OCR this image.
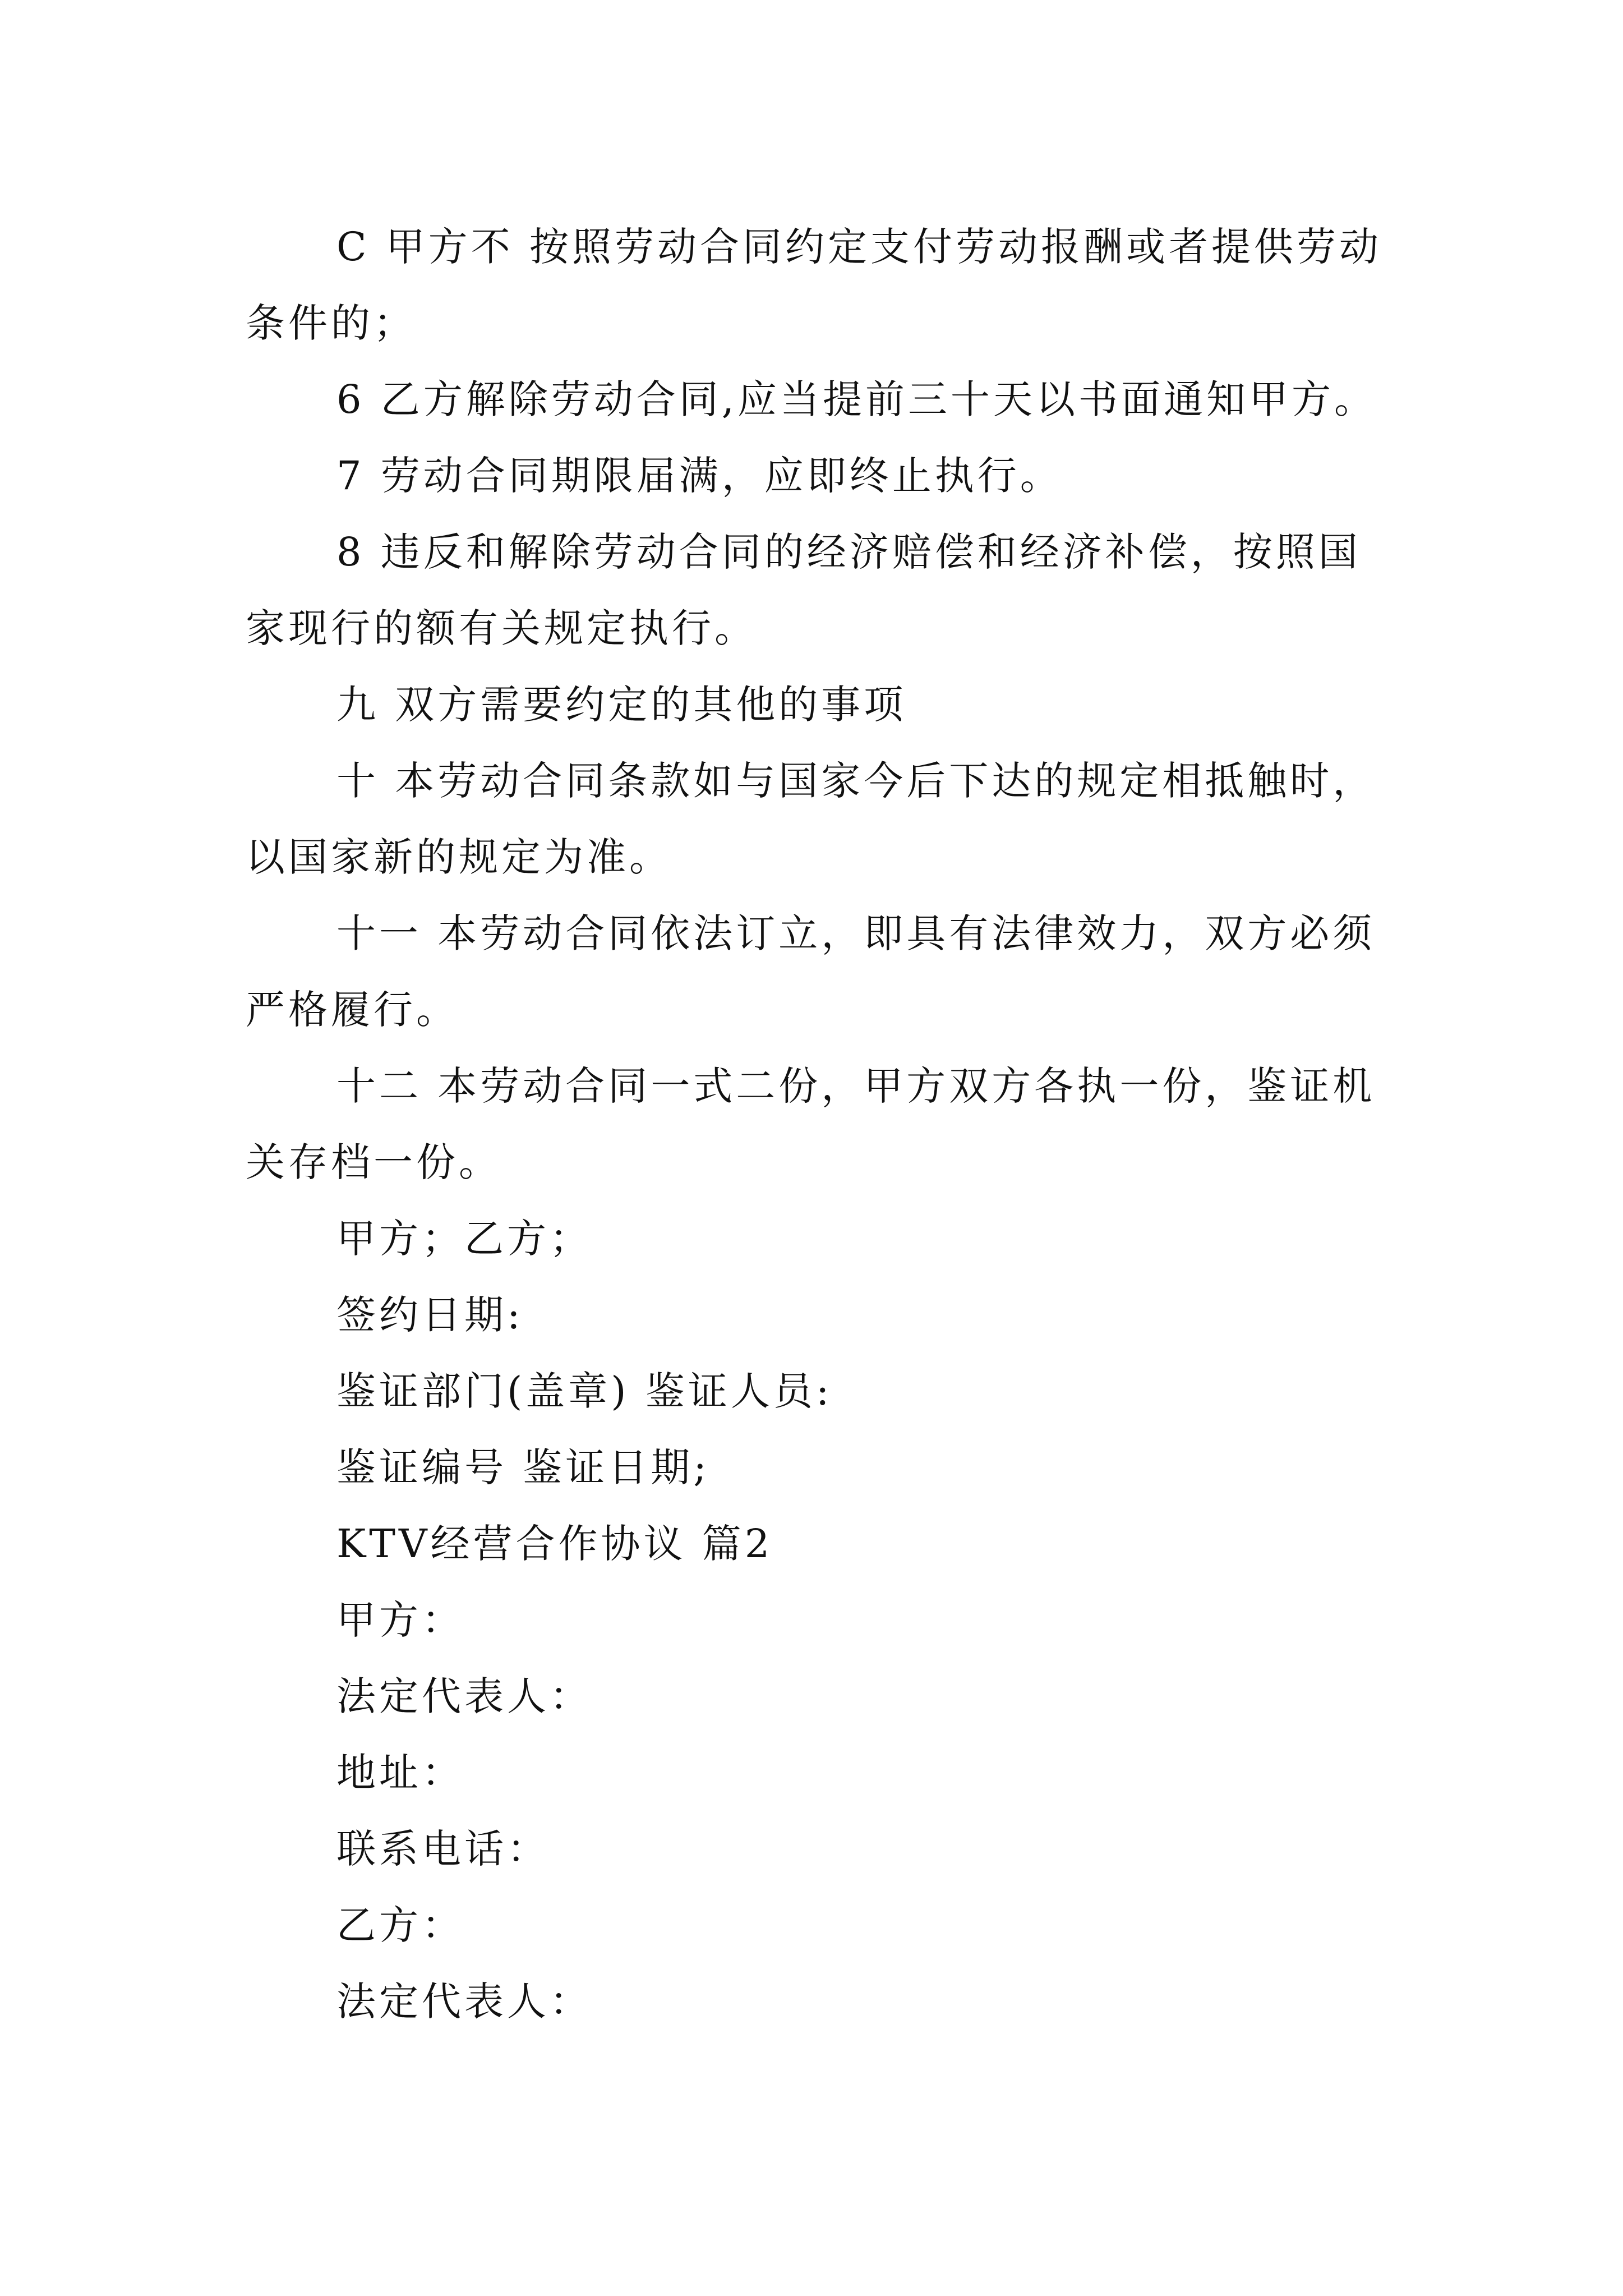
C 甲方不 按照劳动合同约定支付劳动报酬或者提供劳动条件的；

6 乙方解除劳动合同,应当提前三十天以书面通知甲方。

7 劳动合同期限届满，应即终止执行。

8 违反和解除劳动合同的经济赔偿和经济补偿，按照国家现行的额有关规定执行。

九 双方需要约定的其他的事项

十 本劳动合同条款如与国家今后下达的规定相抵触时，以国家新的规定为准。

十一 本劳动合同依法订立，即具有法律效力，双方必须严格履行。

十二 本劳动合同一式二份，甲方双方各执一份，鉴证机关存档一份。

甲方；乙方；

签约日期:

鉴证部门(盖章) 鉴证人员:

鉴证编号 鉴证日期;

KTV经营合作协议 篇2

甲方：

法定代表人：

地址：

联系电话：

乙方：

法定代表人：
